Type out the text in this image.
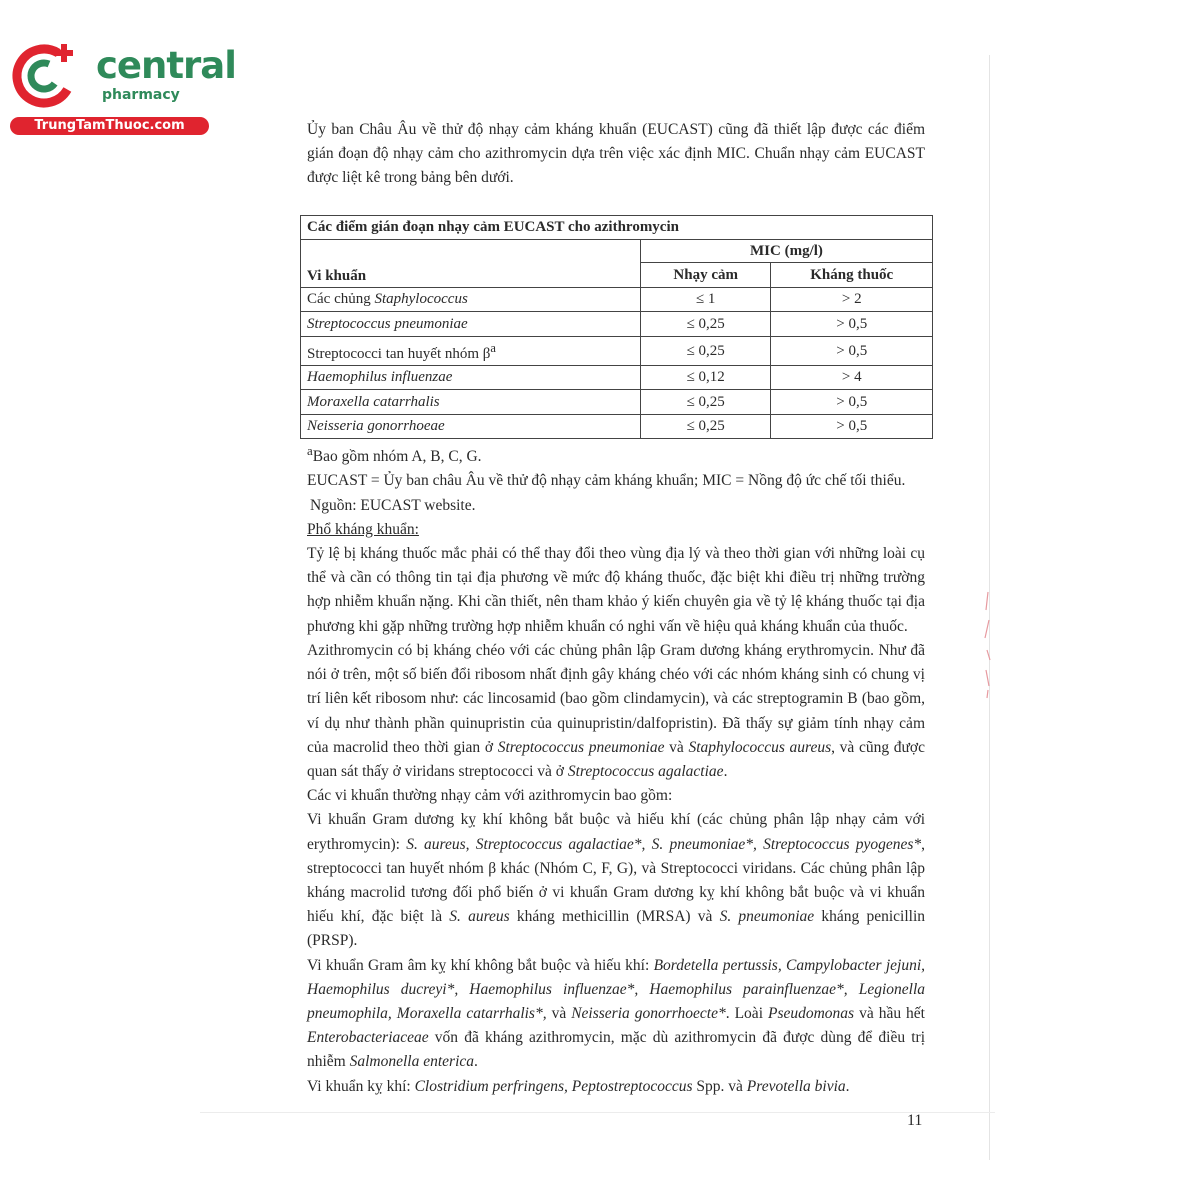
central
pharmacy
TrungTamThuoc.com	Ủy ban Châu Âu về thử độ nhạy cảm kháng khuẩn (EUCAST) cũng đã thiết lập được các điểm gián đoạn độ nhạy cảm cho azithromycin dựa trên việc xác định MIC. Chuẩn nhạy cảm EUCAST được liệt kê trong bảng bên dưới.

Các điểm gián đoạn nhạy cảm EUCAST cho azithromycin		
Vi khuẩn	MIC (mg/l)	
	Nhạy cảm	Kháng thuốc
Các chủng Staphylococcus	≤ 1	> 2
Streptococcus pneumoniae	≤ 0,25	> 0,5
Streptococci tan huyết nhóm $\beta^a$	≤ 0,25	> 0,5
Haemophilus influenzae	≤ 0,12	> 4
Moraxella catarrhalis	≤ 0,25	> 0,5
Neisseria gonorrhoeae	≤ 0,25	> 0,5

$^a$Bao gồm nhóm A, B, C, G.

EUCAST = Ủy ban châu Âu về thử độ nhạy cảm kháng khuẩn; MIC = Nồng độ ức chế tối thiểu.

Nguồn: EUCAST website.

Phổ kháng khuẩn:

Tỷ lệ bị kháng thuốc mắc phải có thể thay đổi theo vùng địa lý và theo thời gian với những loài cụ thể và cần có thông tin tại địa phương về mức độ kháng thuốc, đặc biệt khi điều trị những trường hợp nhiễm khuẩn nặng. Khi cần thiết, nên tham khảo ý kiến chuyên gia về tỷ lệ kháng thuốc tại địa phương khi gặp những trường hợp nhiễm khuẩn có nghi vấn về hiệu quả kháng khuẩn của thuốc.

Azithromycin có bị kháng chéo với các chủng phân lập Gram dương kháng erythromycin. Như đã nói ở trên, một số biến đổi ribosom nhất định gây kháng chéo với các nhóm kháng sinh có chung vị trí liên kết ribosom như: các lincosamid (bao gồm clindamycin), và các streptogramin B (bao gồm, ví dụ như thành phần quinupristin của quinupristin/dalfopristin). Đã thấy sự giảm tính nhạy cảm của macrolid theo thời gian ở Streptococcus pneumoniae và Staphylococcus aureus, và cũng được quan sát thấy ở viridans streptococci và ở Streptococcus agalactiae.

Các vi khuẩn thường nhạy cảm với azithromycin bao gồm:

Vi khuẩn Gram dương kỵ khí không bắt buộc và hiếu khí (các chủng phân lập nhạy cảm với erythromycin): S. aureus, Streptococcus agalactiae*, S. pneumoniae*, Streptococcus pyogenes*, streptococci tan huyết nhóm β khác (Nhóm C, F, G), và Streptococci viridans. Các chủng phân lập kháng macrolid tương đối phổ biến ở vi khuẩn Gram dương kỵ khí không bắt buộc và vi khuẩn hiếu khí, đặc biệt là S. aureus kháng methicillin (MRSA) và S. pneumoniae kháng penicillin (PRSP).

Vi khuẩn Gram âm kỵ khí không bắt buộc và hiếu khí: Bordetella pertussis, Campylobacter jejuni, Haemophilus ducreyi*, Haemophilus influenzae*, Haemophilus parainfluenzae*, Legionella pneumophila, Moraxella catarrhalis*, và Neisseria gonorrhoecte*. Loài Pseudomonas và hầu hết Enterobacteriaceae vốn đã kháng azithromycin, mặc dù azithromycin đã được dùng để điều trị nhiễm Salmonella enterica.

Vi khuẩn kỵ khí: Clostridium perfringens, Peptostreptococcus Spp. và Prevotella bivia.

11
